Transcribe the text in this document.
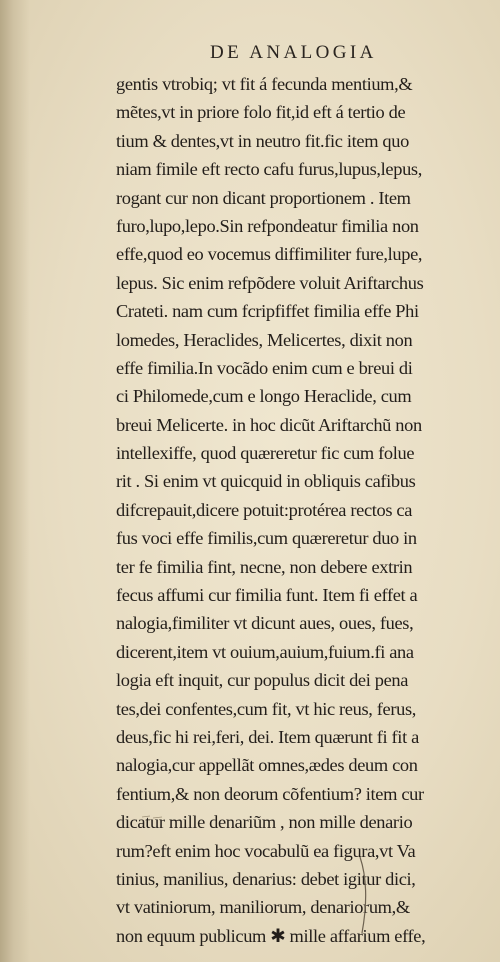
DE ANALOGIA
gentis vtrobiq; vt fit á fecunda mentium,&
mẽtes,vt in priore folo fit,id eft á tertio de
tium & dentes,vt in neutro fit.fic item quo
niam fimile eft recto cafu furus,lupus,lepus,
rogant cur non dicant proportionem . Item
furo,lupo,lepo.Sin refpondeatur fimilia non
effe,quod eo vocemus diffimiliter fure,lupe,
lepus. Sic enim refpõdere voluit Ariftarchus
Crateti. nam cum fcripfiffet fimilia effe Phi
lomedes, Heraclides, Melicertes, dixit non
effe fimilia.In vocãdo enim cum e breui di
ci Philomede,cum e longo Heraclide, cum
breui Melicerte. in hoc dicũt Ariftarchũ non
intellexiffe, quod quæreretur fic cum folue
rit . Si enim vt quicquid in obliquis cafibus
difcrepauit,dicere potuit:protérea rectos ca
fus voci effe fimilis,cum quæreretur duo in
ter fe fimilia fint, necne, non debere extrin
fecus affumi cur fimilia funt. Item fi effet a
nalogia,fimiliter vt dicunt aues, oues, fues,
dicerent,item vt ouium,auium,fuium.fi ana
logia eft inquit, cur populus dicit dei pena
tes,dei confentes,cum fit, vt hic reus, ferus,
deus,fic hi rei,feri, dei. Item quærunt fi fit a
nalogia,cur appellãt omnes,ædes deum con
fentium,& non deorum cõfentium? item cur
dicatur mille denariũm , non mille denario
rum?eft enim hoc vocabulũ ea figura,vt Va
tinius, manilius, denarius: debet igitur dici,
vt vatiniorum, maniliorum, denariorum,&
non equum publicum ✱ mille affarium effe,
